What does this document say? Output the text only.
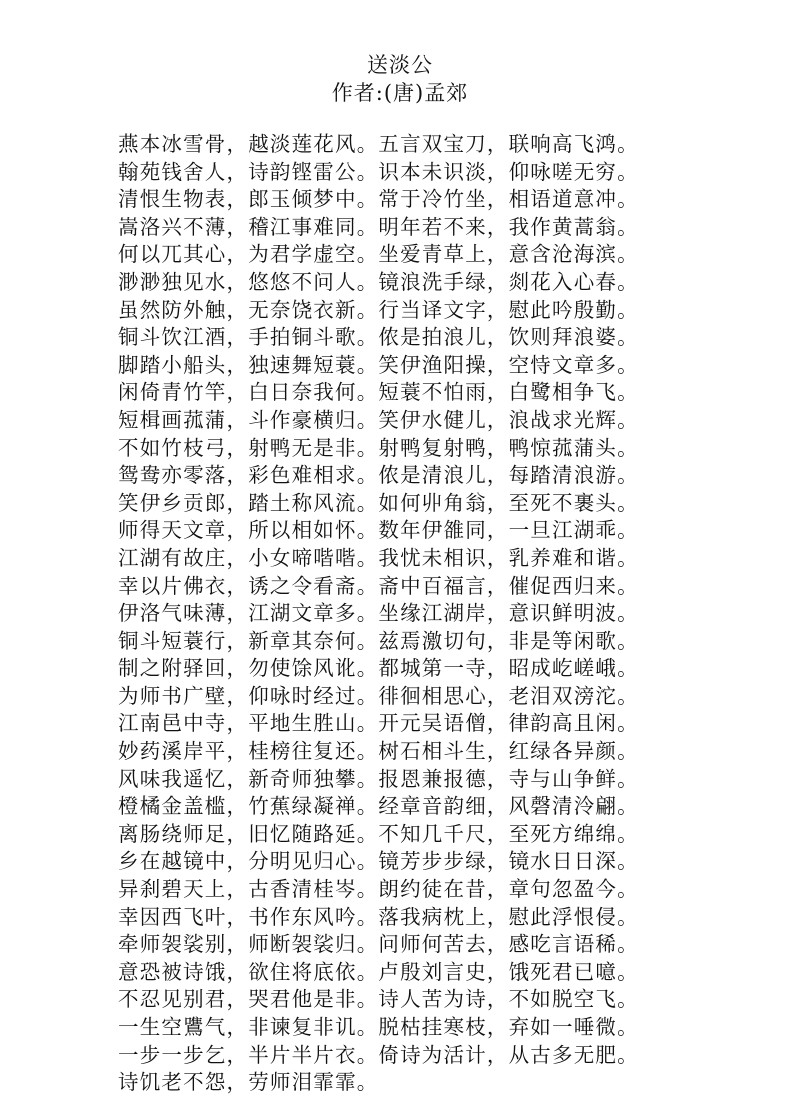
送淡公
作者:(唐)孟郊
燕本冰雪骨，越淡莲花风。五言双宝刀，联响高飞鸿。
翰苑钱舍人，诗韵铿雷公。识本未识淡，仰咏嗟无穷。
清恨生物表，郎玉倾梦中。常于冷竹坐，相语道意冲。
嵩洛兴不薄，稽江事难同。明年若不来，我作黄蒿翁。
何以兀其心，为君学虚空。坐爱青草上，意含沧海滨。
渺渺独见水，悠悠不问人。镜浪洗手绿，剡花入心春。
虽然防外触，无奈饶衣新。行当译文字，慰此吟殷勤。
铜斗饮江酒，手拍铜斗歌。侬是拍浪儿，饮则拜浪婆。
脚踏小船头，独速舞短蓑。笑伊渔阳操，空恃文章多。
闲倚青竹竿，白日奈我何。短蓑不怕雨，白鹭相争飞。
短楫画菰蒲，斗作豪横归。笑伊水健儿，浪战求光辉。
不如竹枝弓，射鸭无是非。射鸭复射鸭，鸭惊菰蒲头。
鸳鸯亦零落，彩色难相求。侬是清浪儿，每踏清浪游。
笑伊乡贡郎，踏土称风流。如何丱角翁，至死不裹头。
师得天文章，所以相如怀。数年伊雒同，一旦江湖乖。
江湖有故庄，小女啼喈喈。我忧未相识，乳养难和谐。
幸以片佛衣，诱之令看斋。斋中百福言，催促西归来。
伊洛气味薄，江湖文章多。坐缘江湖岸，意识鲜明波。
铜斗短蓑行，新章其奈何。兹焉激切句，非是等闲歌。
制之附驿回，勿使馀风讹。都城第一寺，昭成屹嵯峨。
为师书广壁，仰咏时经过。徘徊相思心，老泪双滂沱。
江南邑中寺，平地生胜山。开元吴语僧，律韵高且闲。
妙药溪岸平，桂榜往复还。树石相斗生，红绿各异颜。
风味我遥忆，新奇师独攀。报恩兼报德，寺与山争鲜。
橙橘金盖槛，竹蕉绿凝禅。经章音韵细，风磬清泠翩。
离肠绕师足，旧忆随路延。不知几千尺，至死方绵绵。
乡在越镜中，分明见归心。镜芳步步绿，镜水日日深。
异刹碧天上，古香清桂岑。朗约徒在昔，章句忽盈今。
幸因西飞叶，书作东风吟。落我病枕上，慰此浮恨侵。
牵师袈裟别，师断袈裟归。问师何苦去，感吃言语稀。
意恐被诗饿，欲住将底依。卢殷刘言史，饿死君已噫。
不忍见别君，哭君他是非。诗人苦为诗，不如脱空飞。
一生空鷕气，非谏复非讥。脱枯挂寒枝，弃如一唾微。
一步一步乞，半片半片衣。倚诗为活计，从古多无肥。
诗饥老不怨，劳师泪霏霏。
